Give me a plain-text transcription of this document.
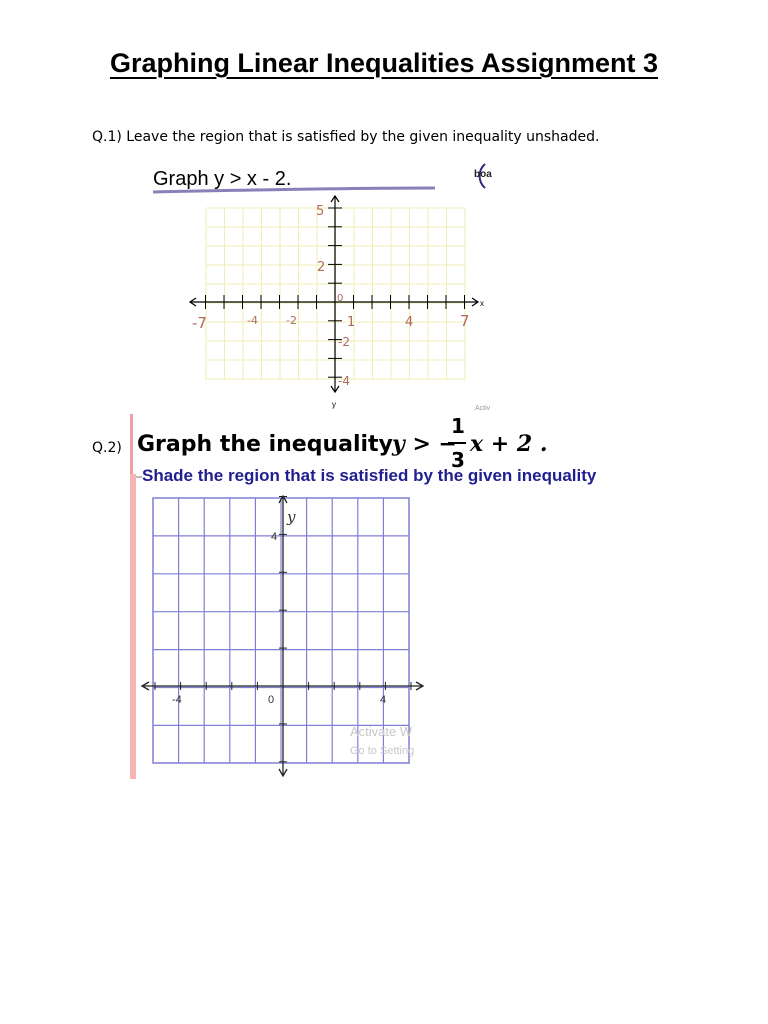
Graphing Linear Inequalities Assignment 3
Q.1) Leave the region that is satisfied by the given inequality unshaded.
Graph y > x - 2.	boa
x
y
5
2
0
-7	-4	-2	1	4	7
-2
-4
Activ
Q.2) Graph the inequality y > −
1
3
x + 2 .
Shade the region that is satisfied by the given inequality
y
4
-4	0	4
Activate W
Go to Setting
